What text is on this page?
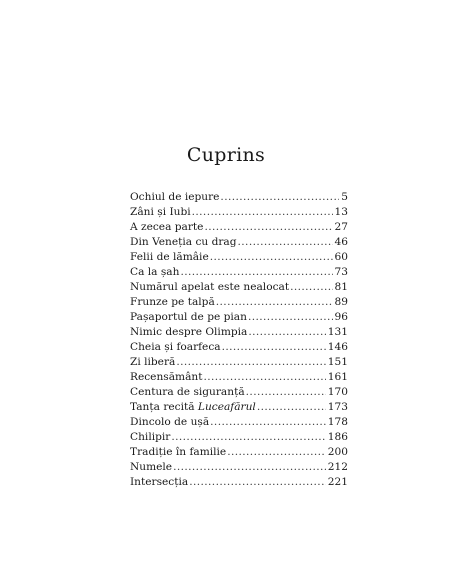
Cuprins
Ochiul de iepure .....	5
Zâni și Iubi .....	13
A zecea parte .....	27
Din Veneția cu drag .....	46
Felii de lămâie .....	60
Ca la șah .....	73
Numărul apelat este nealocat .....	81
Frunze pe talpă .....	89
Pașaportul de pe pian .....	96
Nimic despre Olimpia .....	131
Cheia și foarfeca .....	146
Zi liberă .....	151
Recensământ .....	161
Centura de siguranță .....	170
Tanța recită Luceafărul .....	173
Dincolo de ușă .....	178
Chilipir .....	186
Tradiție în familie .....	200
Numele .....	212
Intersecția .....	221
